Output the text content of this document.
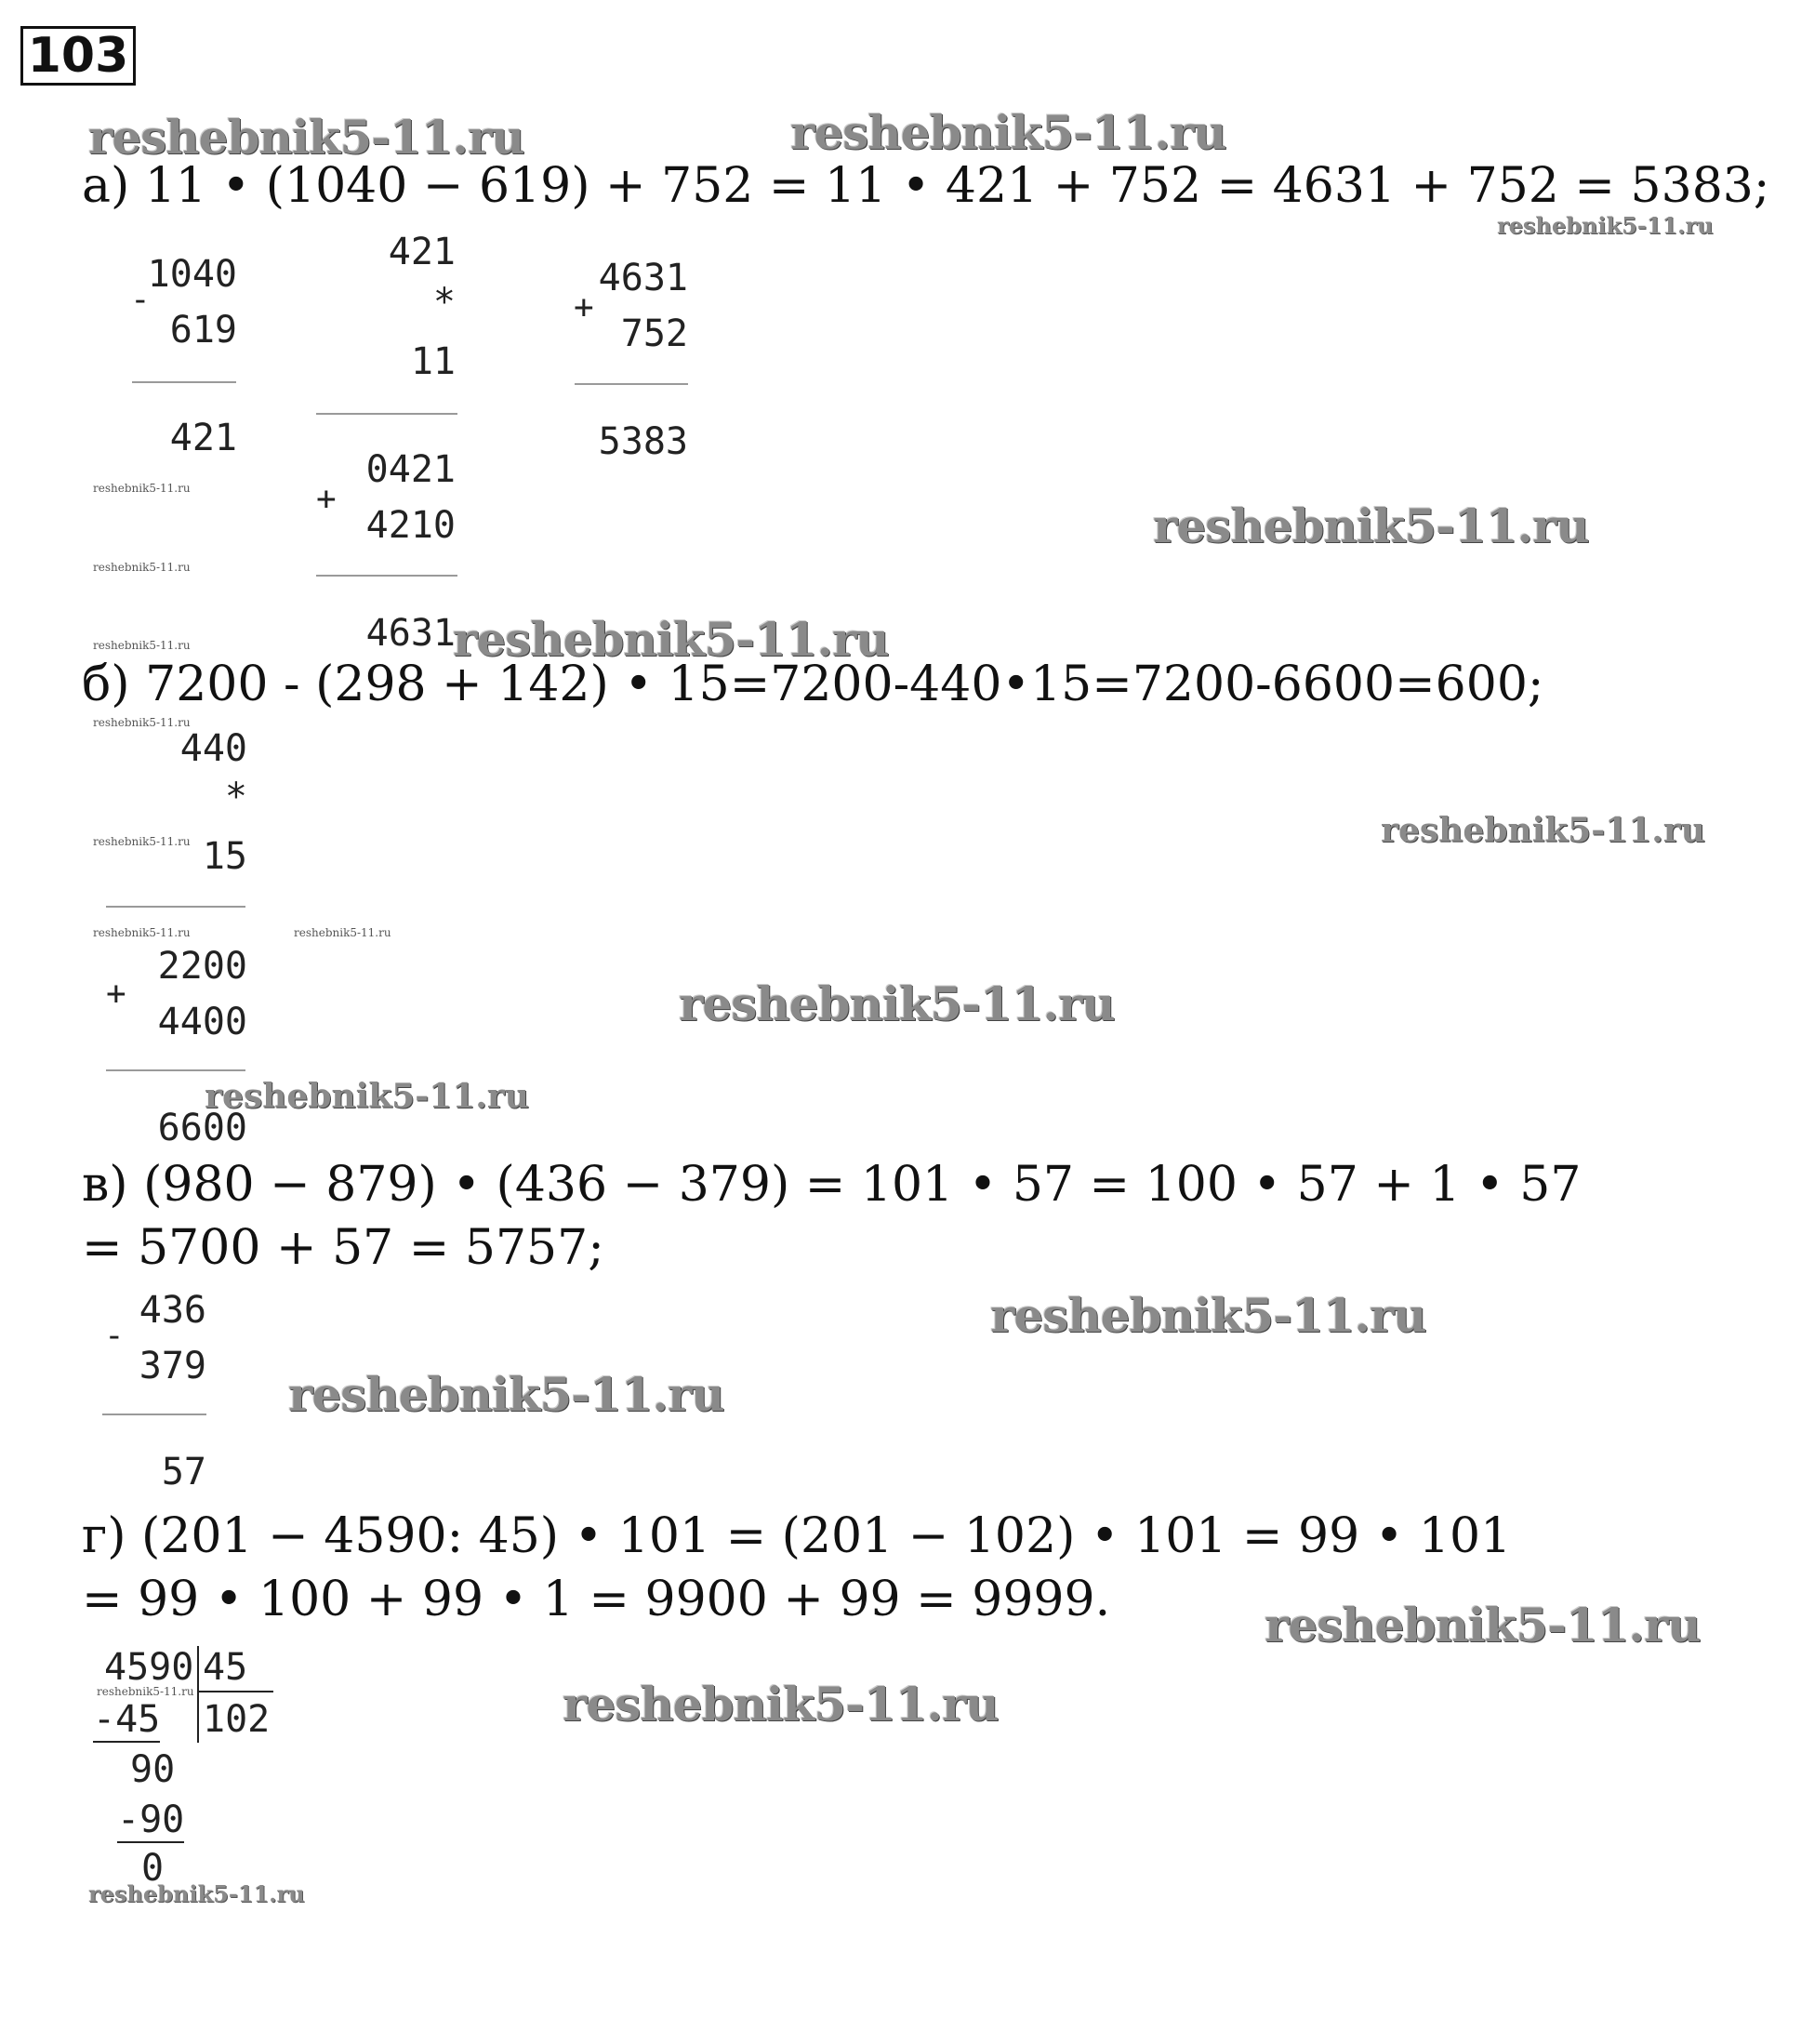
103
reshebnik5-11.ru	reshebnik5-11.ru
reshebnik5-11.ru
reshebnik5-11.ru
reshebnik5-11.ru
reshebnik5-11.ru
reshebnik5-11.ru
reshebnik5-11.ru
reshebnik5-11.ru
reshebnik5-11.ru
reshebnik5-11.ru
reshebnik5-11.ru
reshebnik5-11.ru
reshebnik5-11.ru
reshebnik5-11.ru
reshebnik5-11.ru
reshebnik5-11.ru
reshebnik5-11.ru
reshebnik5-11.ru	reshebnik5-11.ru
reshebnik5-11.ru
а) 11 • (1040 − 619) + 752 = 11 • 421 + 752 = 4631 + 752 = 5383;
1040
-
619
421
421
*
11
0421
+
4210
4631
4631
+
752
5383
б) 7200 - (298 + 142) • 15=7200-440•15=7200-6600=600;
440
*
15
2200
+
4400
6600
в) (980 − 879) • (436 − 379) = 101 • 57 = 100 • 57 + 1 • 57
= 5700 + 57 = 5757;
436
-
379
57
г) (201 − 4590: 45) • 101 = (201 − 102) • 101 = 99 • 101
= 99 • 100 + 99 • 1 = 9900 + 99 = 9999.
4590 45
102
-45
90
-90
0
